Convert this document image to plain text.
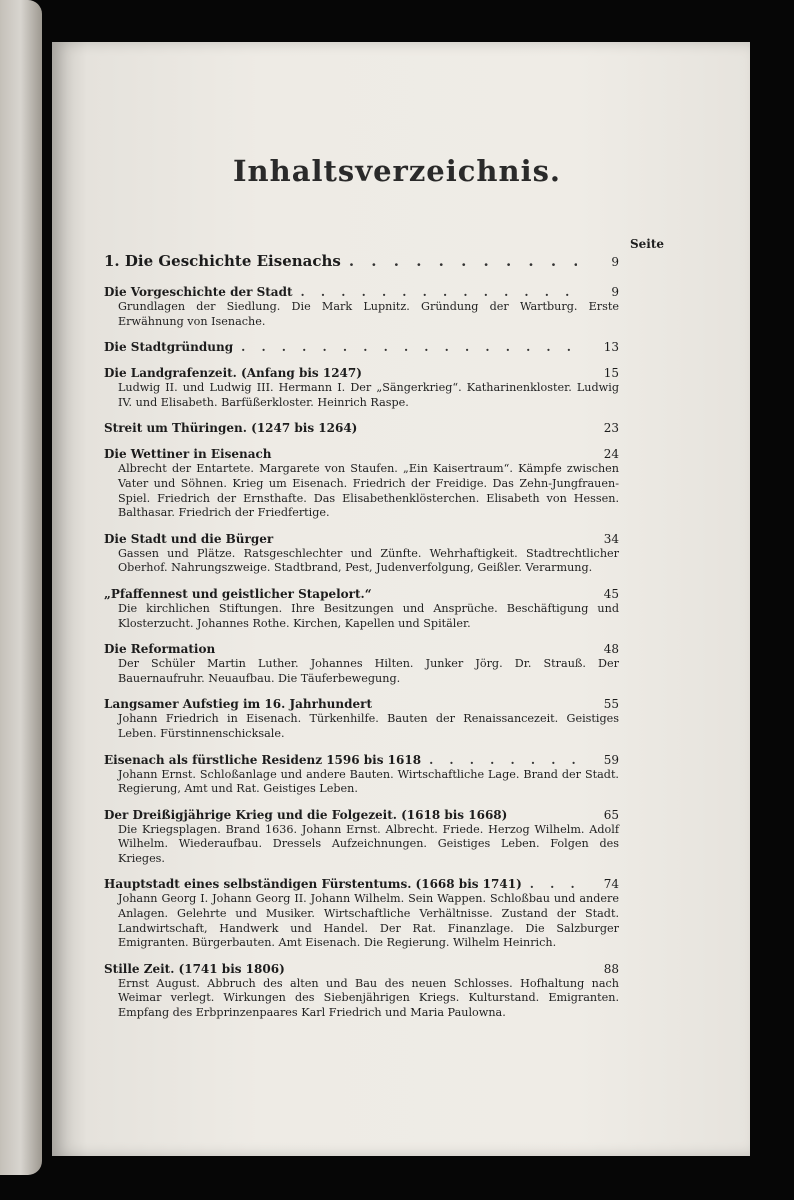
Inhaltsverzeichnis.
Seite
1. Die Geschichte Eisenachs . . .	9
Die Vorgeschichte der Stadt . . .	9
Grundlagen der Siedlung. Die Mark Lupnitz. Gründung der Wartburg. Erste Erwähnung von Isenache.
Die Stadtgründung . . .	13
Die Landgrafenzeit. (Anfang bis 1247)	15
Ludwig II. und Ludwig III. Hermann I. Der „Sängerkrieg“. Katharinenkloster. Ludwig IV. und Elisabeth. Barfüßerkloster. Heinrich Raspe.
Streit um Thüringen. (1247 bis 1264)	23
Die Wettiner in Eisenach	24
Albrecht der Entartete. Margarete von Staufen. „Ein Kaisertraum“. Kämpfe zwischen Vater und Söhnen. Krieg um Eisenach. Friedrich der Freidige. Das Zehn-Jungfrauen-Spiel. Friedrich der Ernsthafte. Das Elisabethenklösterchen. Elisabeth von Hessen. Balthasar. Friedrich der Friedfertige.
Die Stadt und die Bürger	34
Gassen und Plätze. Ratsgeschlechter und Zünfte. Wehrhaftigkeit. Stadtrechtlicher Oberhof. Nahrungszweige. Stadtbrand, Pest, Judenverfolgung, Geißler. Verarmung.
„Pfaffennest und geistlicher Stapelort.“	45
Die kirchlichen Stiftungen. Ihre Besitzungen und Ansprüche. Beschäftigung und Klosterzucht. Johannes Rothe. Kirchen, Kapellen und Spitäler.
Die Reformation	48
Der Schüler Martin Luther. Johannes Hilten. Junker Jörg. Dr. Strauß. Der Bauernaufruhr. Neuaufbau. Die Täuferbewegung.
Langsamer Aufstieg im 16. Jahrhundert	55
Johann Friedrich in Eisenach. Türkenhilfe. Bauten der Renaissancezeit. Geistiges Leben. Fürstinnenschicksale.
Eisenach als fürstliche Residenz 1596 bis 1618 . . .	59
Johann Ernst. Schloßanlage und andere Bauten. Wirtschaftliche Lage. Brand der Stadt. Regierung, Amt und Rat. Geistiges Leben.
Der Dreißigjährige Krieg und die Folgezeit. (1618 bis 1668)	65
Die Kriegsplagen. Brand 1636. Johann Ernst. Albrecht. Friede. Herzog Wilhelm. Adolf Wilhelm. Wiederaufbau. Dressels Aufzeichnungen. Geistiges Leben. Folgen des Krieges.
Hauptstadt eines selbständigen Fürstentums. (1668 bis 1741) . . .	74
Johann Georg I. Johann Georg II. Johann Wilhelm. Sein Wappen. Schloßbau und andere Anlagen. Gelehrte und Musiker. Wirtschaftliche Verhältnisse. Zustand der Stadt. Landwirtschaft, Handwerk und Handel. Der Rat. Finanzlage. Die Salzburger Emigranten. Bürgerbauten. Amt Eisenach. Die Regierung. Wilhelm Heinrich.
Stille Zeit. (1741 bis 1806)	88
Ernst August. Abbruch des alten und Bau des neuen Schlosses. Hofhaltung nach Weimar verlegt. Wirkungen des Siebenjährigen Kriegs. Kulturstand. Emigranten. Empfang des Erbprinzenpaares Karl Friedrich und Maria Paulowna.
